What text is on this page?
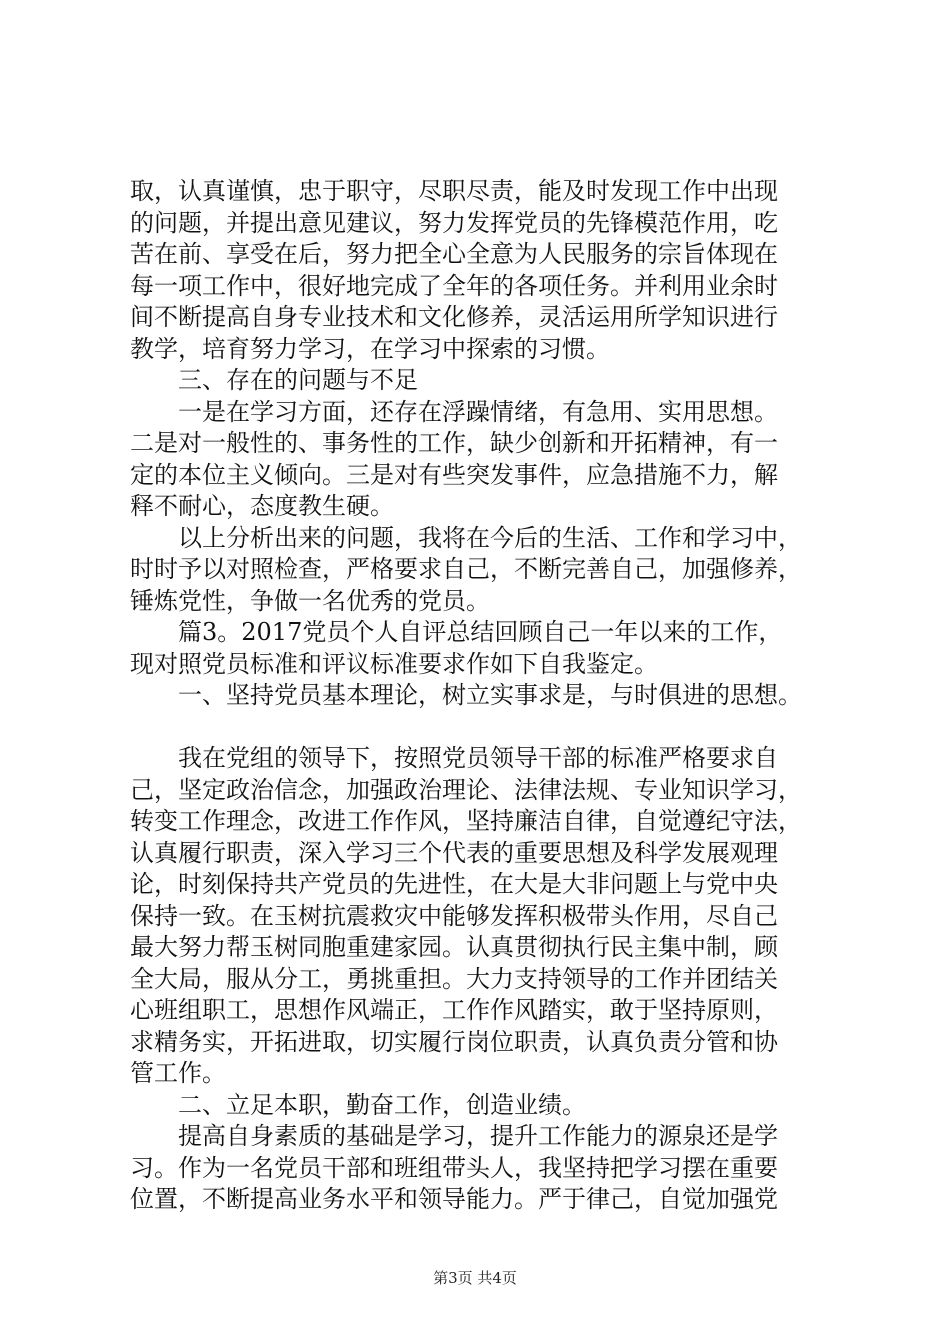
取，认真谨慎，忠于职守，尽职尽责，能及时发现工作中出现
的问题，并提出意见建议，努力发挥党员的先锋模范作用，吃
苦在前、享受在后，努力把全心全意为人民服务的宗旨体现在
每一项工作中，很好地完成了全年的各项任务。并利用业余时
间不断提高自身专业技术和文化修养，灵活运用所学知识进行
教学，培育努力学习，在学习中探索的习惯。
三、存在的问题与不足
一是在学习方面，还存在浮躁情绪，有急用、实用思想。
二是对一般性的、事务性的工作，缺少创新和开拓精神，有一
定的本位主义倾向。三是对有些突发事件，应急措施不力，解
释不耐心，态度教生硬。
以上分析出来的问题，我将在今后的生活、工作和学习中，
时时予以对照检查，严格要求自己，不断完善自己，加强修养，
锤炼党性，争做一名优秀的党员。
篇3。2017党员个人自评总结回顾自己一年以来的工作，
现对照党员标准和评议标准要求作如下自我鉴定。
一、坚持党员基本理论，树立实事求是，与时俱进的思想。
我在党组的领导下，按照党员领导干部的标准严格要求自
己，坚定政治信念，加强政治理论、法律法规、专业知识学习，
转变工作理念，改进工作作风，坚持廉洁自律，自觉遵纪守法，
认真履行职责，深入学习三个代表的重要思想及科学发展观理
论，时刻保持共产党员的先进性，在大是大非问题上与党中央
保持一致。在玉树抗震救灾中能够发挥积极带头作用，尽自己
最大努力帮玉树同胞重建家园。认真贯彻执行民主集中制，顾
全大局，服从分工，勇挑重担。大力支持领导的工作并团结关
心班组职工，思想作风端正，工作作风踏实，敢于坚持原则，
求精务实，开拓进取，切实履行岗位职责，认真负责分管和协
管工作。
二、立足本职，勤奋工作，创造业绩。
提高自身素质的基础是学习，提升工作能力的源泉还是学
习。作为一名党员干部和班组带头人，我坚持把学习摆在重要
位置，不断提高业务水平和领导能力。严于律己，自觉加强党
第3页 共4页
